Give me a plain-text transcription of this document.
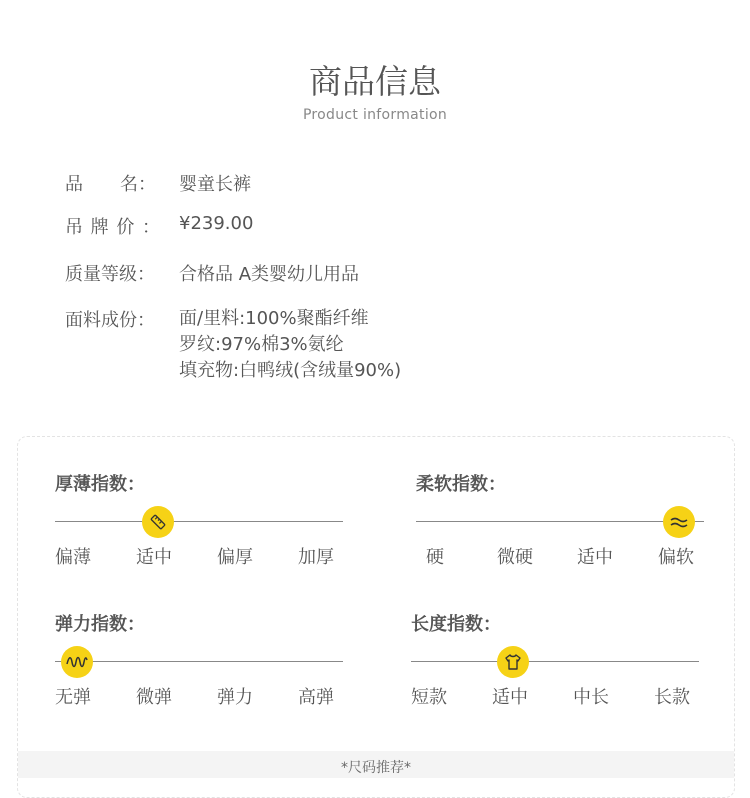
商品信息
Product information
品 名：	婴童长裤
吊 牌 价 ： ¥239.00
质量等级：	合格品 A类婴幼儿用品
面料成份：	面/里料:100%聚酯纤维
罗纹:97%棉3%氨纶
填充物:白鸭绒(含绒量90%)
厚薄指数：
偏薄	适中	偏厚	加厚
柔软指数：
硬	微硬 适中	偏软
弹力指数：
无弹	微弹	弹力	高弹
长度指数：
短款	适中	中长	长款
*尺码推荐*
